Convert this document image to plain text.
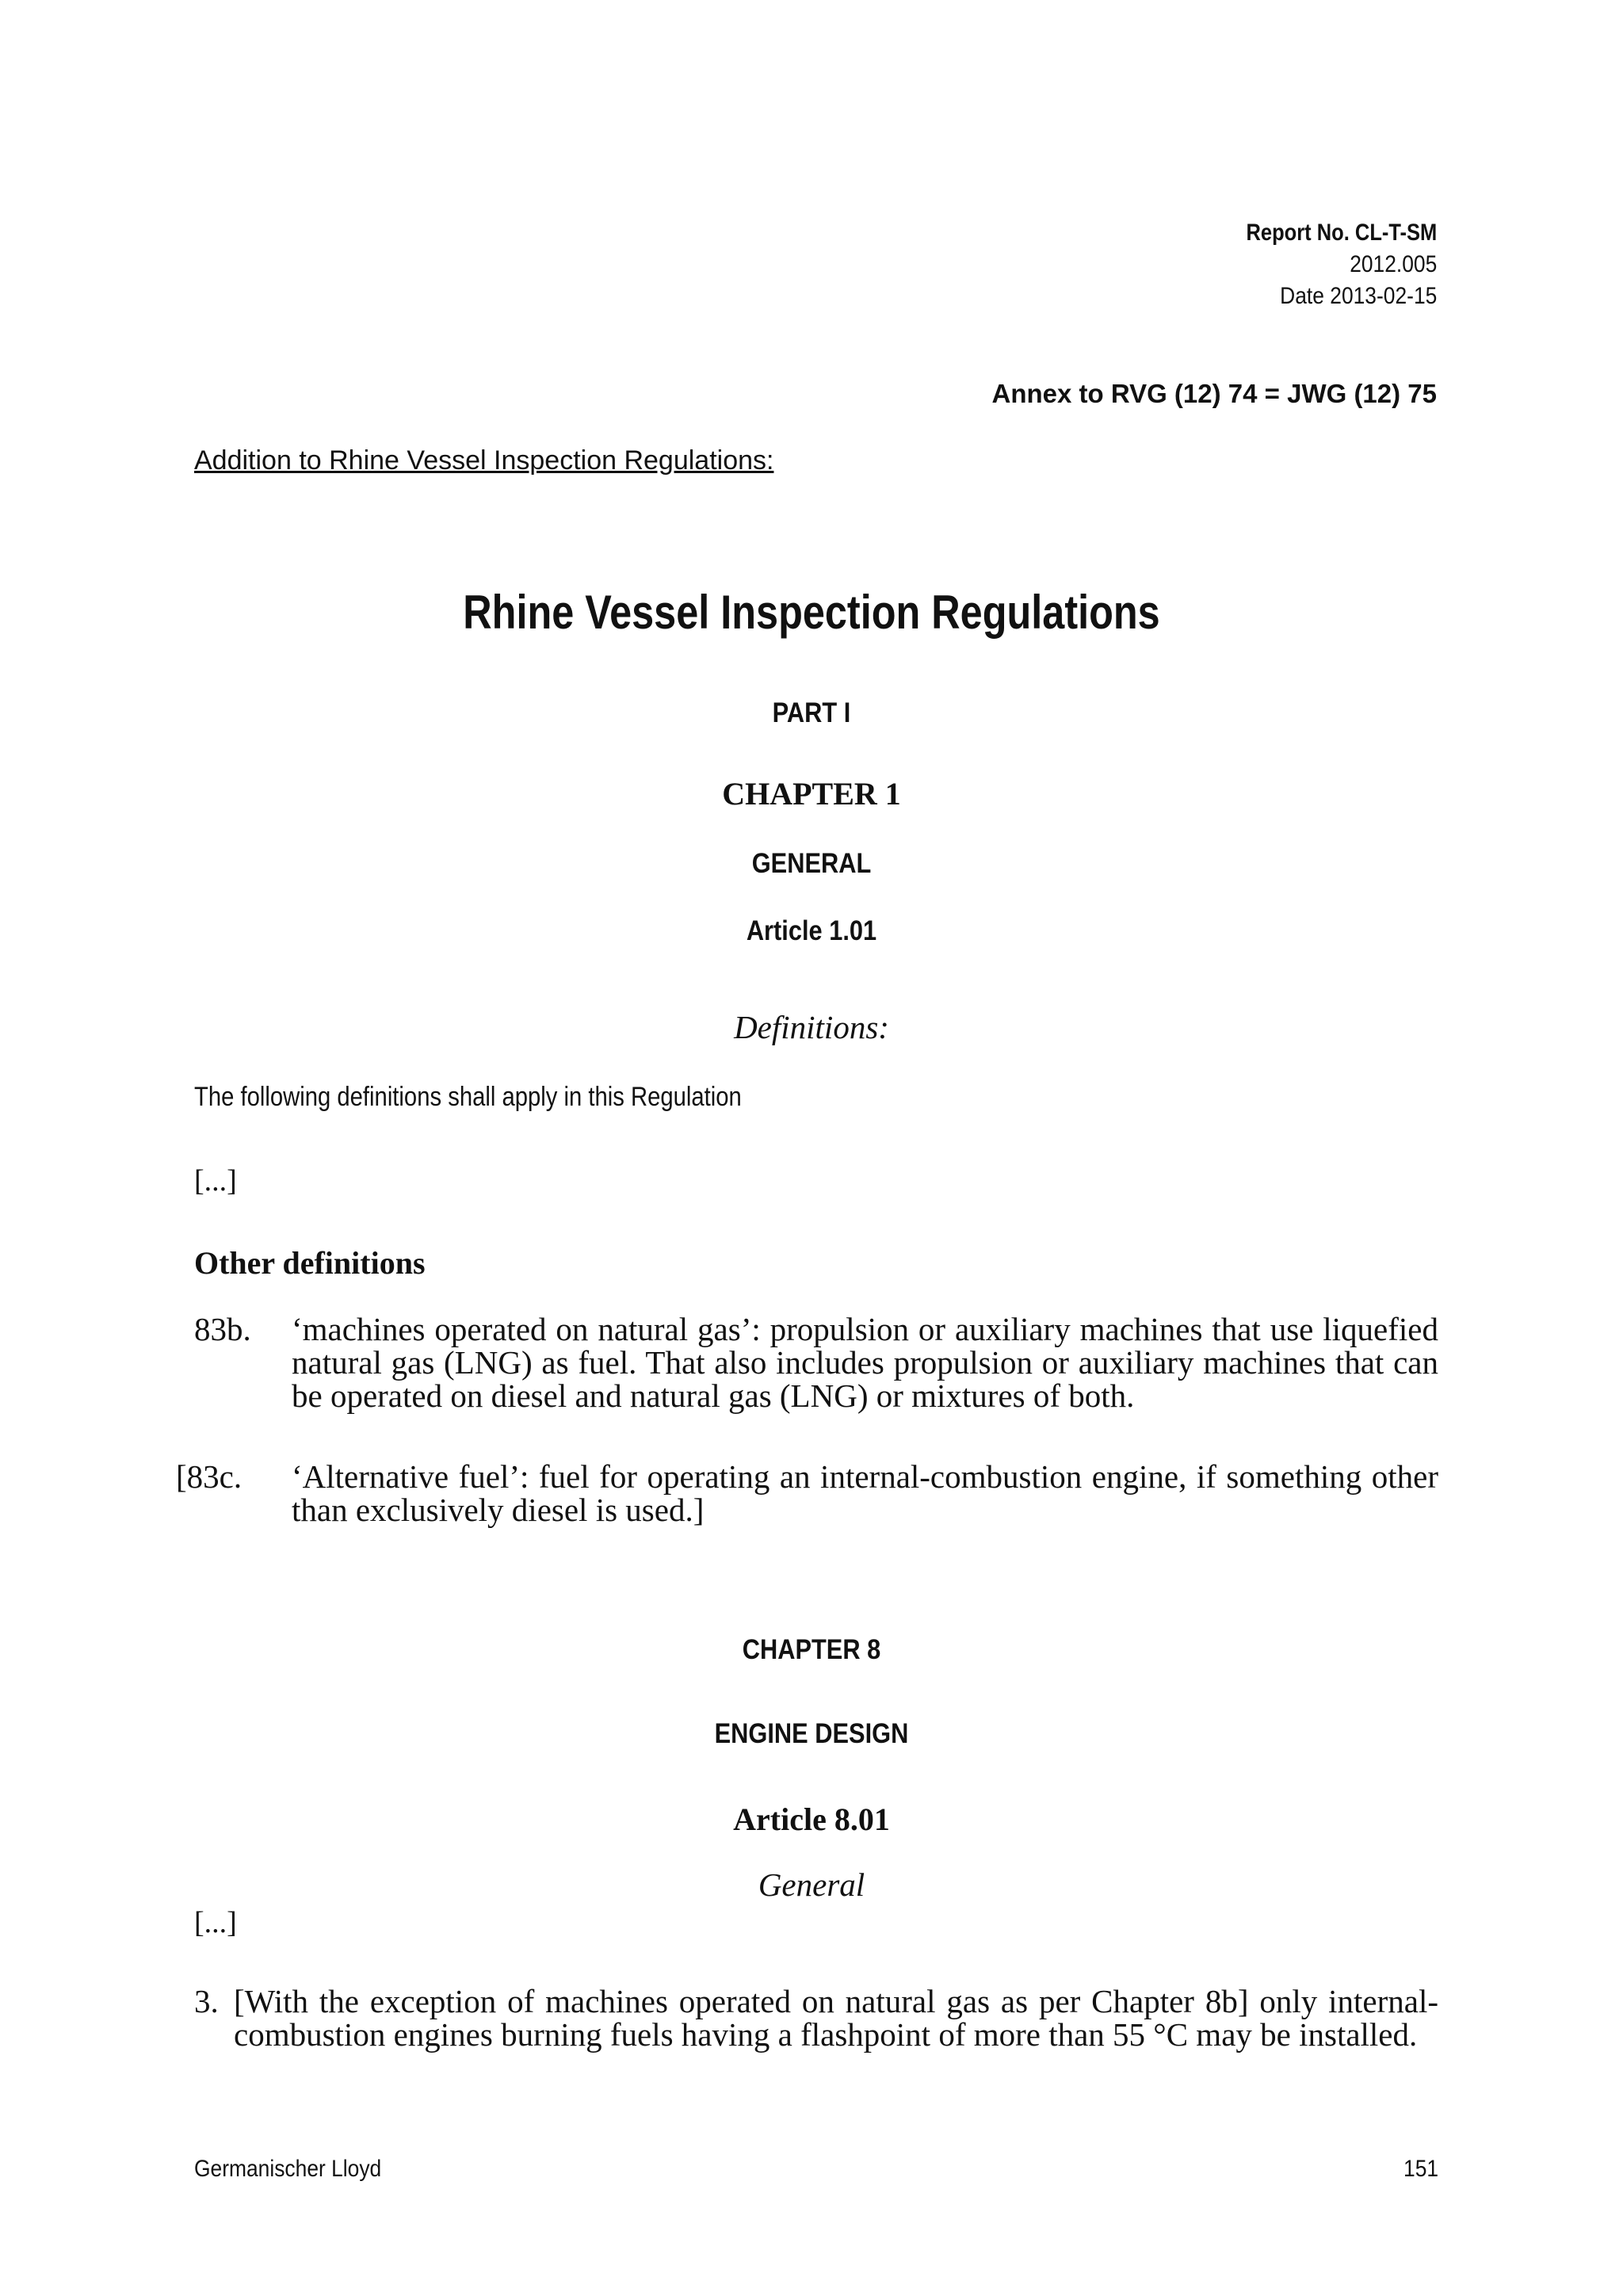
Report No. CL-T-SM
2012.005
Date 2013-02-15

Annex to RVG (12) 74 = JWG (12) 75

Addition to Rhine Vessel Inspection Regulations:

Rhine Vessel Inspection Regulations

PART I

CHAPTER 1

GENERAL

Article 1.01

Definitions:

The following definitions shall apply in this Regulation

[...]

Other definitions

83b. ‘machines operated on natural gas’: propulsion or auxiliary machines that use liquefied natural gas (LNG) as fuel. That also includes propulsion or auxiliary machines that can be operated on diesel and natural gas (LNG) or mixtures of both.
[83c. ‘Alternative fuel’: fuel for operating an internal-combustion engine, if something other than exclusively diesel is used.]

CHAPTER 8

ENGINE DESIGN

Article 8.01

General

[...]

3. [With the exception of machines operated on natural gas as per Chapter 8b] only internal-combustion engines burning fuels having a flashpoint of more than 55 °C may be installed.

Germanischer Lloyd	151
